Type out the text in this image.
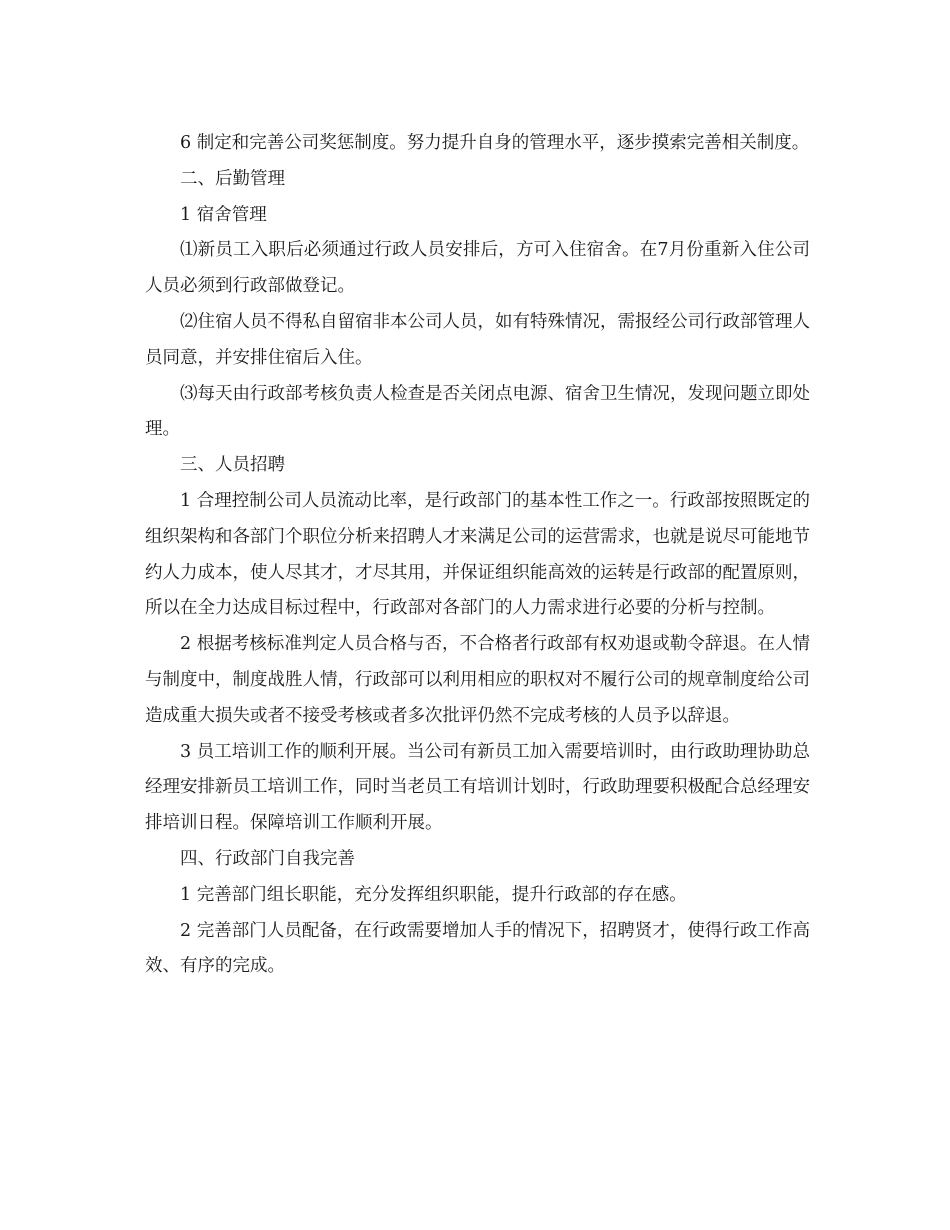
6 制定和完善公司奖惩制度。努力提升自身的管理水平，逐步摸索完善相关制度。

二、后勤管理

1 宿舍管理

⑴新员工入职后必须通过行政人员安排后，方可入住宿舍。在7月份重新入住公司人员必须到行政部做登记。

⑵住宿人员不得私自留宿非本公司人员，如有特殊情况，需报经公司行政部管理人员同意，并安排住宿后入住。

⑶每天由行政部考核负责人检查是否关闭点电源、宿舍卫生情况，发现问题立即处理。

三、人员招聘

1 合理控制公司人员流动比率，是行政部门的基本性工作之一。行政部按照既定的组织架构和各部门个职位分析来招聘人才来满足公司的运营需求，也就是说尽可能地节约人力成本，使人尽其才，才尽其用，并保证组织能高效的运转是行政部的配置原则，所以在全力达成目标过程中，行政部对各部门的人力需求进行必要的分析与控制。

2 根据考核标准判定人员合格与否，不合格者行政部有权劝退或勒令辞退。在人情与制度中，制度战胜人情，行政部可以利用相应的职权对不履行公司的规章制度给公司造成重大损失或者不接受考核或者多次批评仍然不完成考核的人员予以辞退。

3 员工培训工作的顺利开展。当公司有新员工加入需要培训时，由行政助理协助总经理安排新员工培训工作，同时当老员工有培训计划时，行政助理要积极配合总经理安排培训日程。保障培训工作顺利开展。

四、行政部门自我完善

1 完善部门组长职能，充分发挥组织职能，提升行政部的存在感。

2 完善部门人员配备，在行政需要增加人手的情况下，招聘贤才，使得行政工作高效、有序的完成。
